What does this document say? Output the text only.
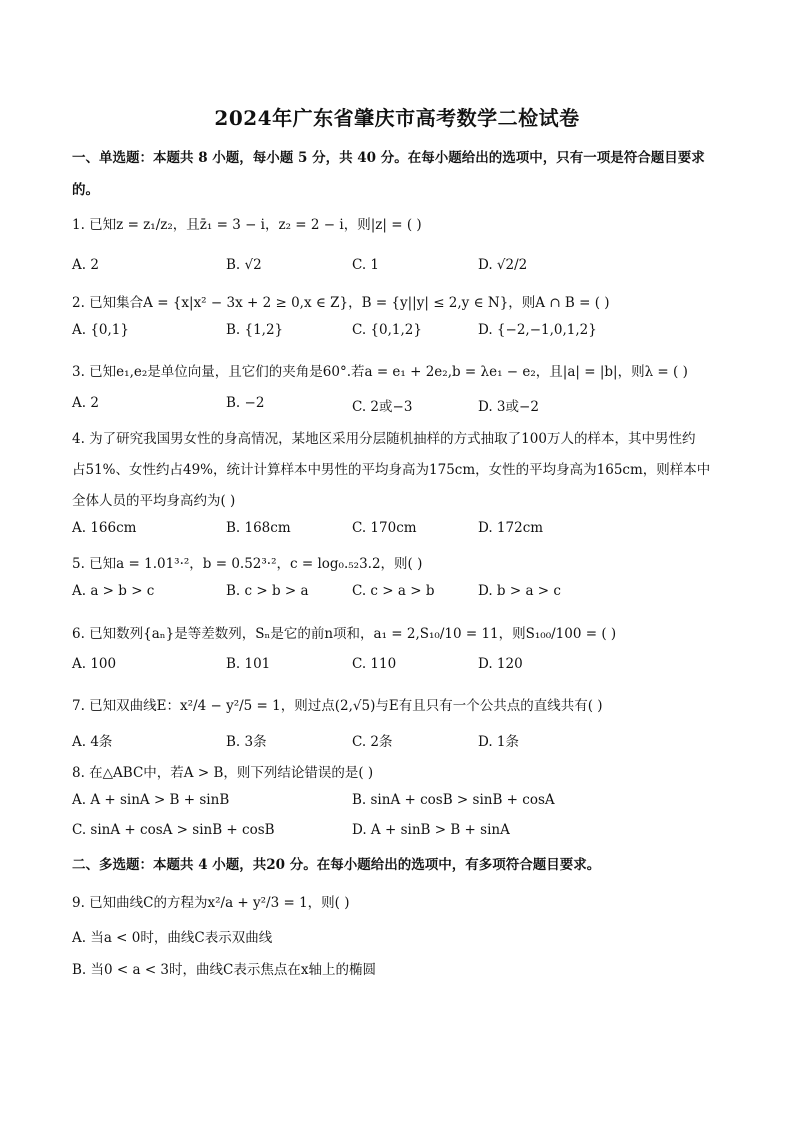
2024年广东省肇庆市高考数学二检试卷
一、单选题：本题共 8 小题，每小题 5 分，共 40 分。在每小题给出的选项中，只有一项是符合题目要求
的。
1. 已知z = z₁/z₂，且z̄₁ = 3 − i，z₂ = 2 − i，则|z| = ( )
A. 2	B. √2	C. 1	D. √2/2
2. 已知集合A = {x|x² − 3x + 2 ≥ 0,x ∈ Z}，B = {y||y| ≤ 2,y ∈ N}，则A ∩ B = ( )
A. {0,1}	B. {1,2}	C. {0,1,2}	D. {−2,−1,0,1,2}
3. 已知e₁,e₂是单位向量，且它们的夹角是60°.若a = e₁ + 2e₂,b = λe₁ − e₂，且|a| = |b|，则λ = ( )
A. 2	B. −2	C. 2或−3	D. 3或−2
4. 为了研究我国男女性的身高情况，某地区采用分层随机抽样的方式抽取了100万人的样本，其中男性约
占51%、女性约占49%，统计计算样本中男性的平均身高为175cm，女性的平均身高为165cm，则样本中
全体人员的平均身高约为( )
A. 166cm	B. 168cm	C. 170cm	D. 172cm
5. 已知a = 1.01³·²，b = 0.52³·²，c = log₀.₅₂3.2，则( )
A. a > b > c	B. c > b > a	C. c > a > b	D. b > a > c
6. 已知数列{aₙ}是等差数列，Sₙ是它的前n项和，a₁ = 2,S₁₀/10 = 11，则S₁₀₀/100 = ( )
A. 100	B. 101	C. 110	D. 120
7. 已知双曲线E：x²/4 − y²/5 = 1，则过点(2,√5)与E有且只有一个公共点的直线共有( )
A. 4条	B. 3条	C. 2条	D. 1条
8. 在△ABC中，若A > B，则下列结论错误的是( )
A. A + sinA > B + sinB	B. sinA + cosB > sinB + cosA
C. sinA + cosA > sinB + cosB	D. A + sinB > B + sinA
二、多选题：本题共 4 小题，共20 分。在每小题给出的选项中，有多项符合题目要求。
9. 已知曲线C的方程为x²/a + y²/3 = 1，则( )
A. 当a < 0时，曲线C表示双曲线
B. 当0 < a < 3时，曲线C表示焦点在x轴上的椭圆
